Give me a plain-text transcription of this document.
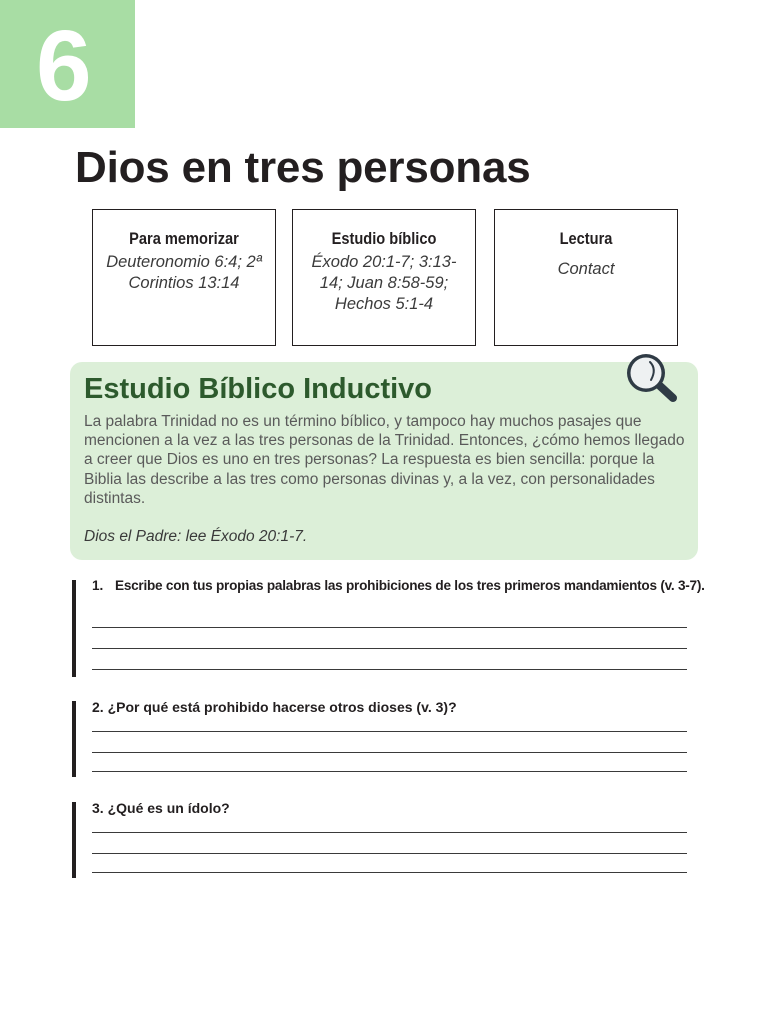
6
Dios en tres personas
Para memorizar
Deuteronomio 6:4; 2ª Corintios 13:14
Estudio bíblico
Éxodo 20:1-7; 3:13-14; Juan 8:58-59; Hechos 5:1-4
Lectura
Contact
Estudio Bíblico Inductivo

La palabra Trinidad no es un término bíblico, y tampoco hay muchos pasajes que mencionen a la vez a las tres personas de la Trinidad. Entonces, ¿cómo hemos llegado a creer que Dios es uno en tres personas? La respuesta es bien sencilla: porque la Biblia las describe a las tres como personas divinas y, a la vez, con personalidades distintas.

Dios el Padre: lee Éxodo 20:1-7.

1. Escribe con tus propias palabras las prohibiciones de los tres primeros mandamientos (v. 3-7).
2. ¿Por qué está prohibido hacerse otros dioses (v. 3)?
3. ¿Qué es un ídolo?
